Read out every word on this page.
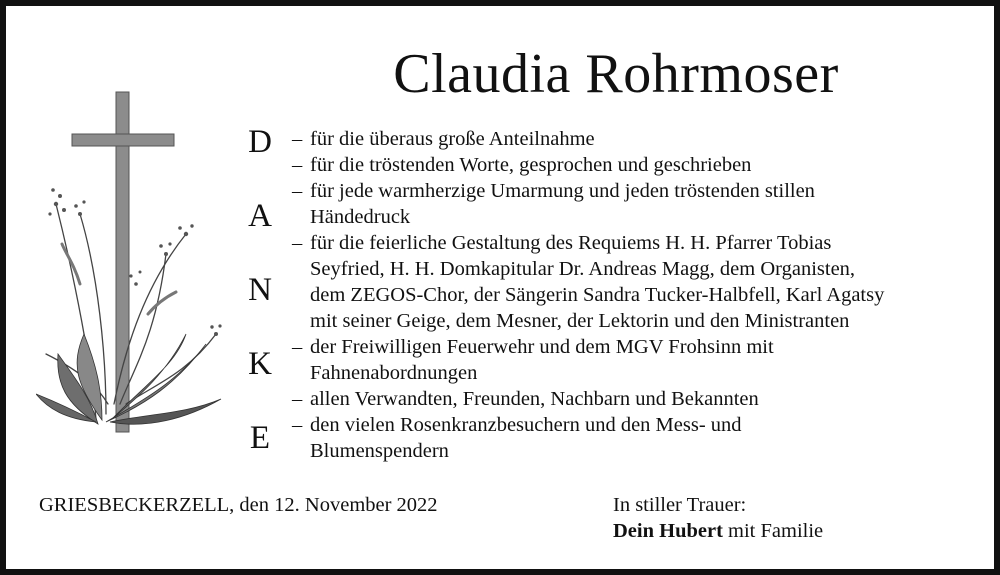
Claudia Rohrmoser
D
A
N
K
E
– für die überaus große Anteilnahme
– für die tröstenden Worte, gesprochen und geschrieben
– für jede warmherzige Umarmung und jeden tröstenden stillen
Händedruck
– für die feierliche Gestaltung des Requiems H. H. Pfarrer Tobias
Seyfried, H. H. Domkapitular Dr. Andreas Magg, dem Organisten,
dem ZEGOS-Chor, der Sängerin Sandra Tucker-Halbfell, Karl Agatsy
mit seiner Geige, dem Mesner, der Lektorin und den Ministranten
– der Freiwilligen Feuerwehr und dem MGV Frohsinn mit
Fahnenabordnungen
– allen Verwandten, Freunden, Nachbarn und Bekannten
– den vielen Rosenkranzbesuchern und den Mess- und
Blumenspendern
GRIESBECKERZELL, den 12. November 2022	In stiller Trauer:
Dein Hubert mit Familie
